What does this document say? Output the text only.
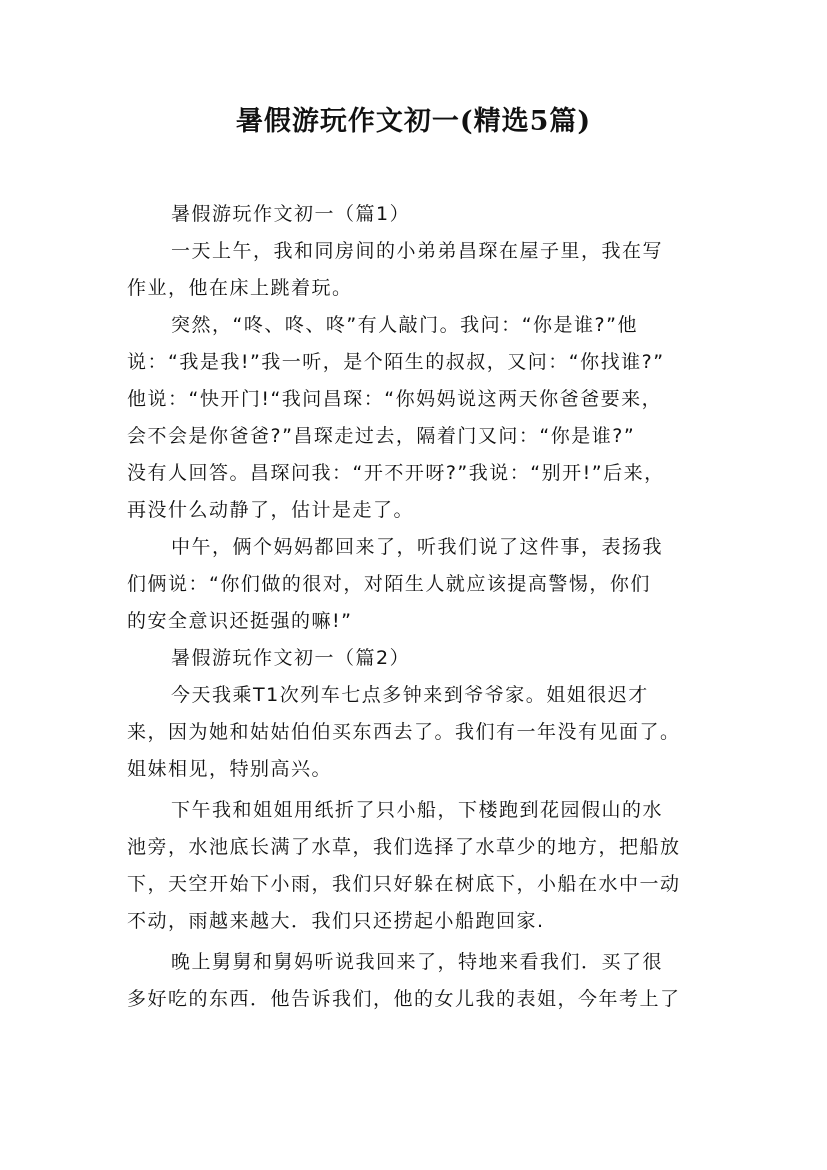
暑假游玩作文初一(精选5篇)
暑假游玩作文初一（篇1）
一天上午，我和同房间的小弟弟昌琛在屋子里，我在写
作业，他在床上跳着玩。
突然，“咚、咚、咚”有人敲门。我问：“你是谁?”他
说：“我是我!”我一听，是个陌生的叔叔，又问：“你找谁?”
他说：“快开门!“我问昌琛：“你妈妈说这两天你爸爸要来，
会不会是你爸爸?”昌琛走过去，隔着门又问：“你是谁?”
没有人回答。昌琛问我：“开不开呀?”我说：“别开!”后来，
再没什么动静了，估计是走了。
中午，俩个妈妈都回来了，听我们说了这件事，表扬我
们俩说：“你们做的很对，对陌生人就应该提高警惕，你们
的安全意识还挺强的嘛!”
暑假游玩作文初一（篇2）
今天我乘T1次列车七点多钟来到爷爷家。姐姐很迟才
来，因为她和姑姑伯伯买东西去了。我们有一年没有见面了。
姐妹相见，特别高兴。
下午我和姐姐用纸折了只小船，下楼跑到花园假山的水
池旁，水池底长满了水草，我们选择了水草少的地方，把船放
下，天空开始下小雨，我们只好躲在树底下，小船在水中一动
不动，雨越来越大．我们只还捞起小船跑回家.
晚上舅舅和舅妈听说我回来了，特地来看我们．买了很
多好吃的东西．他告诉我们，他的女儿我的表姐，今年考上了
